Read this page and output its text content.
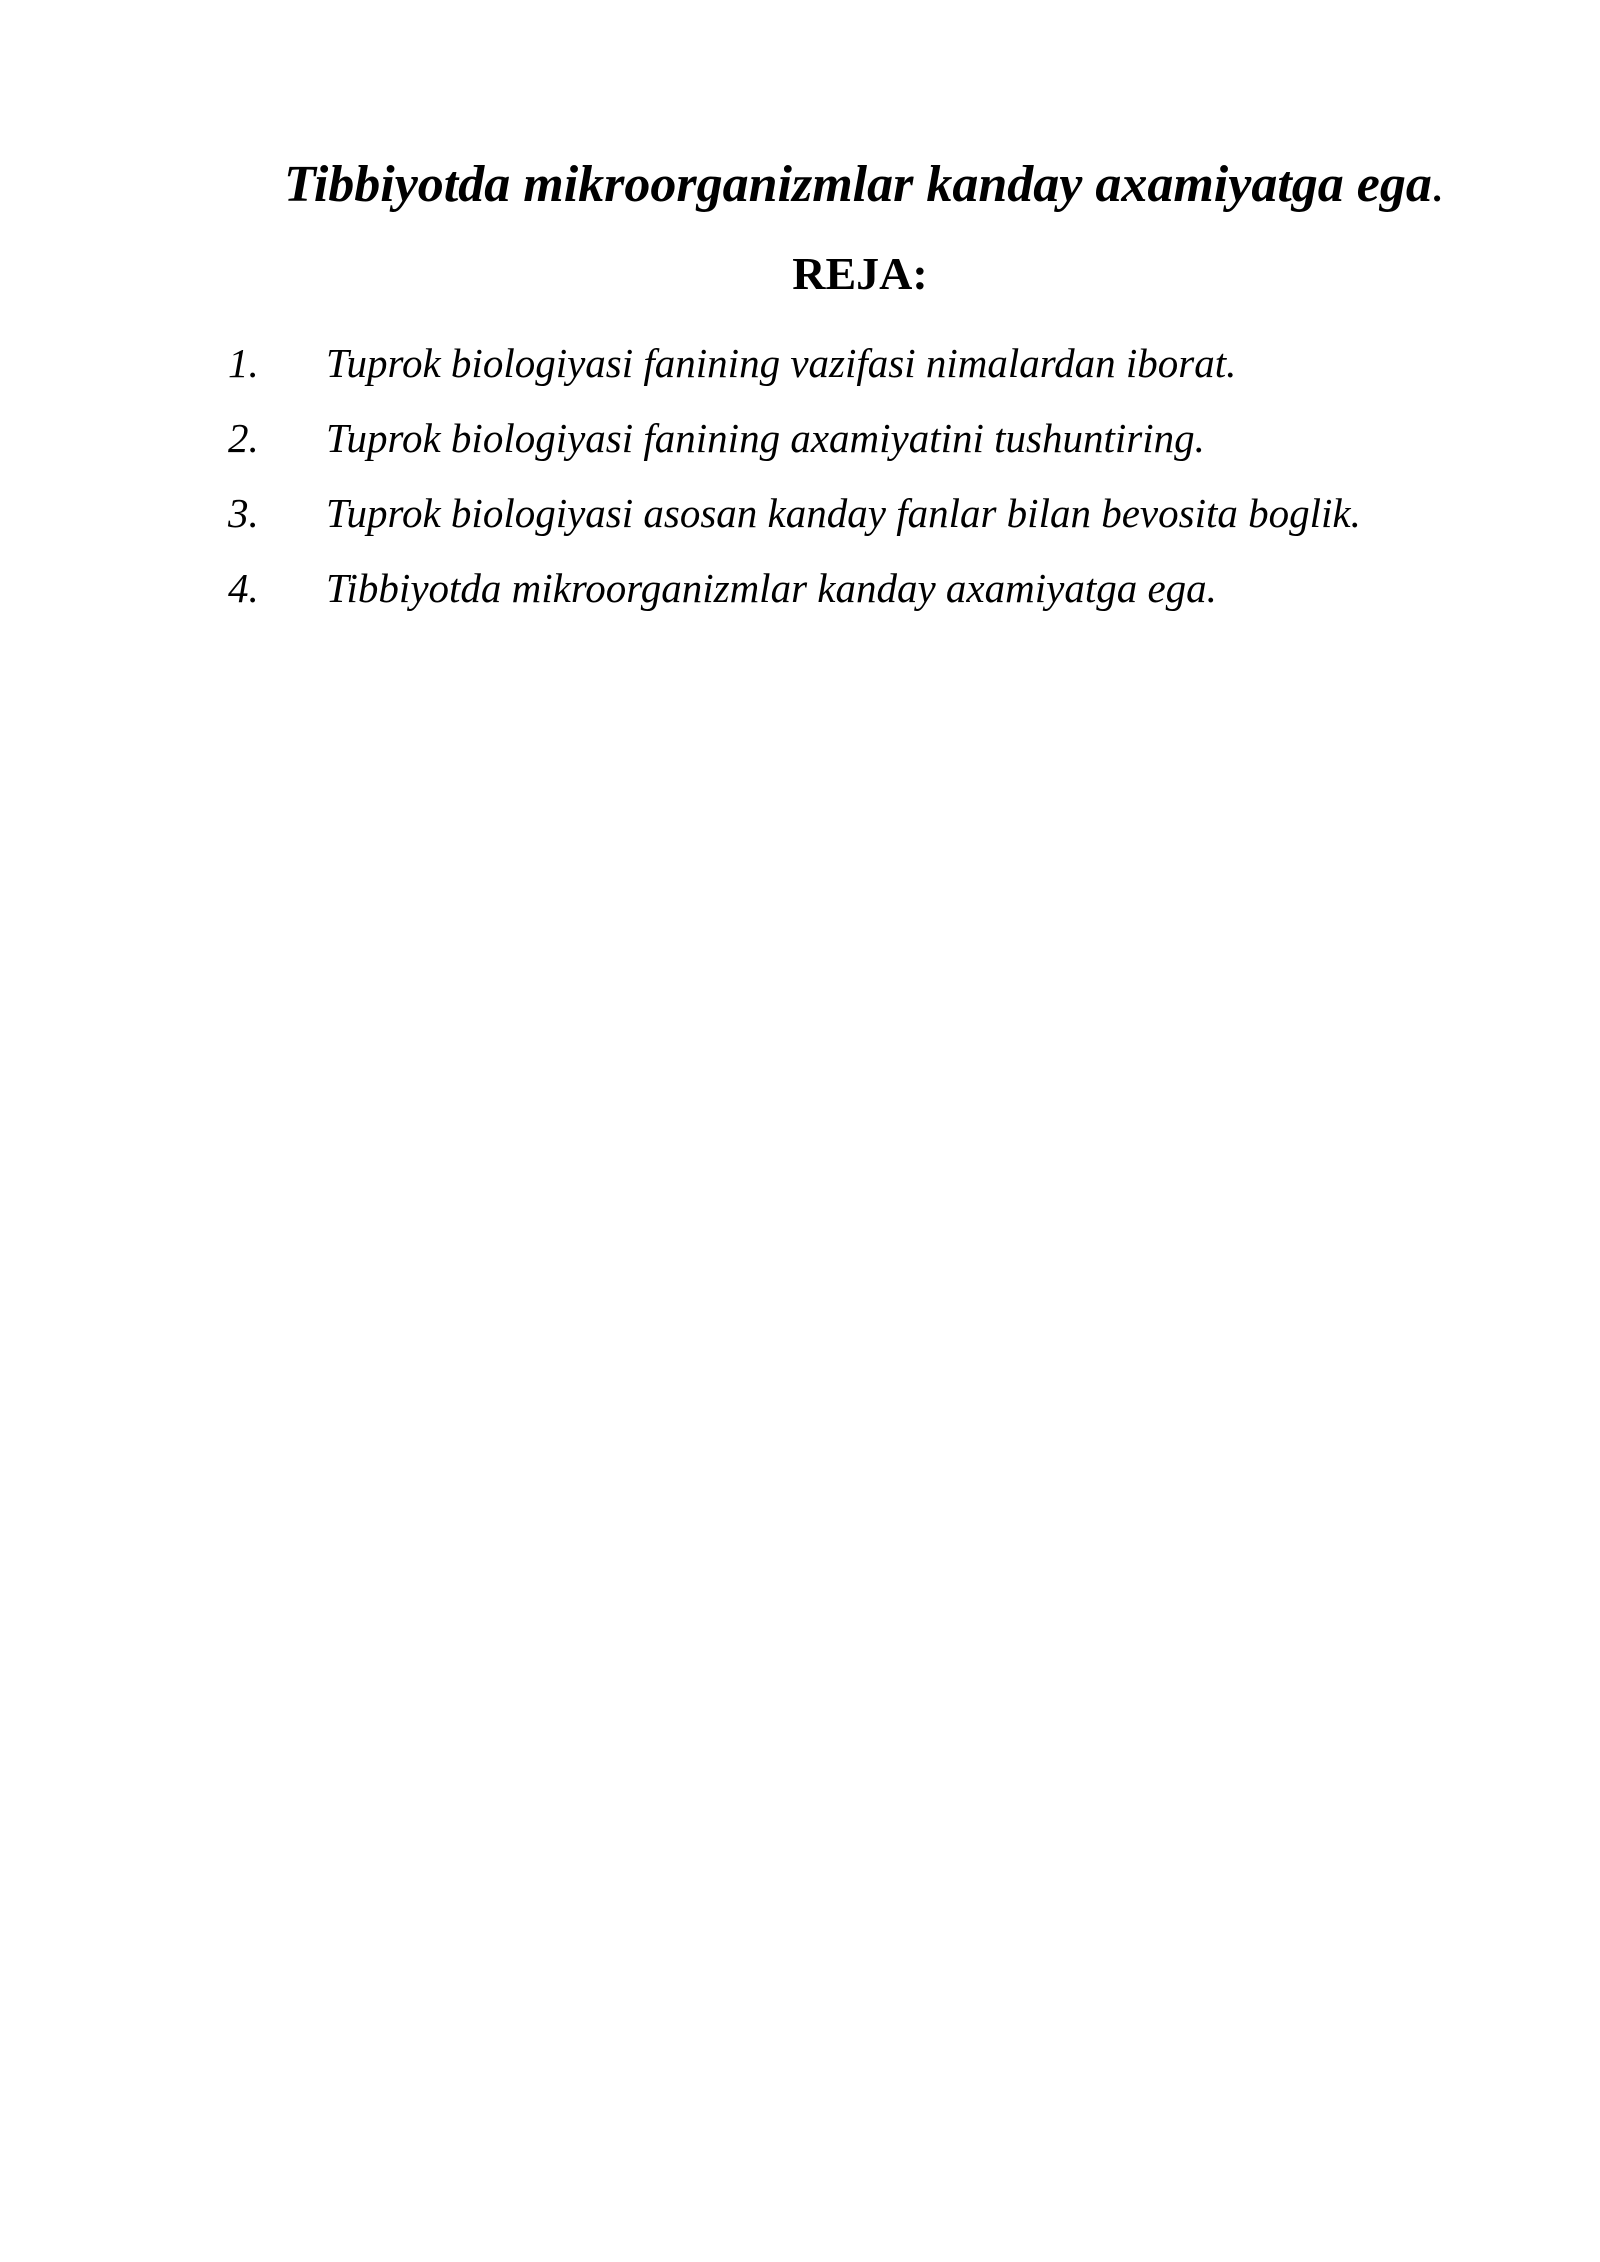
Tibbiyotda mikroorganizmlar kanday axamiyatga ega.
REJA:
1.	Tuprok biologiyasi fanining vazifasi nimalardan iborat.
2.	Tuprok biologiyasi fanining axamiyatini tushuntiring.
3.	Tuprok biologiyasi asosan kanday fanlar bilan bevosita boglik.
4.	Tibbiyotda mikroorganizmlar kanday axamiyatga ega.
